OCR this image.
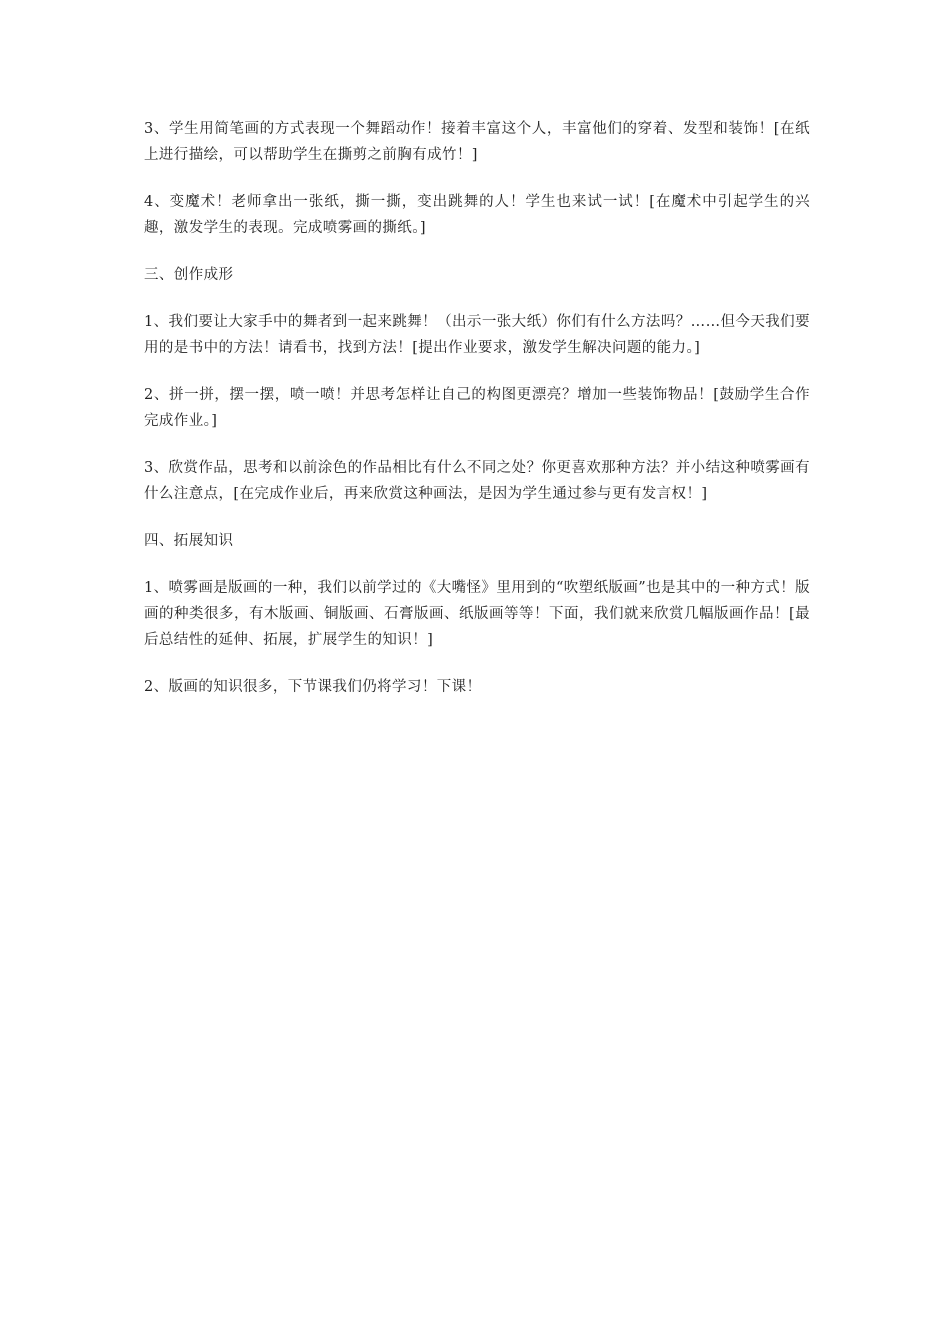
3、学生用简笔画的方式表现一个舞蹈动作！接着丰富这个人，丰富他们的穿着、发型和装饰！[在纸上进行描绘，可以帮助学生在撕剪之前胸有成竹！]

4、变魔术！老师拿出一张纸，撕一撕，变出跳舞的人！学生也来试一试！[在魔术中引起学生的兴趣，激发学生的表现。完成喷雾画的撕纸。]

三、创作成形

1、我们要让大家手中的舞者到一起来跳舞！（出示一张大纸）你们有什么方法吗？……但今天我们要用的是书中的方法！请看书，找到方法！[提出作业要求，激发学生解决问题的能力。]

2、拼一拼，摆一摆，喷一喷！并思考怎样让自己的构图更漂亮？增加一些装饰物品！[鼓励学生合作完成作业。]

3、欣赏作品，思考和以前涂色的作品相比有什么不同之处？你更喜欢那种方法？并小结这种喷雾画有什么注意点，[在完成作业后，再来欣赏这种画法，是因为学生通过参与更有发言权！]

四、拓展知识

1、喷雾画是版画的一种，我们以前学过的《大嘴怪》里用到的“吹塑纸版画”也是其中的一种方式！版画的种类很多，有木版画、铜版画、石膏版画、纸版画等等！下面，我们就来欣赏几幅版画作品！[最后总结性的延伸、拓展，扩展学生的知识！]

2、版画的知识很多，下节课我们仍将学习！下课！
